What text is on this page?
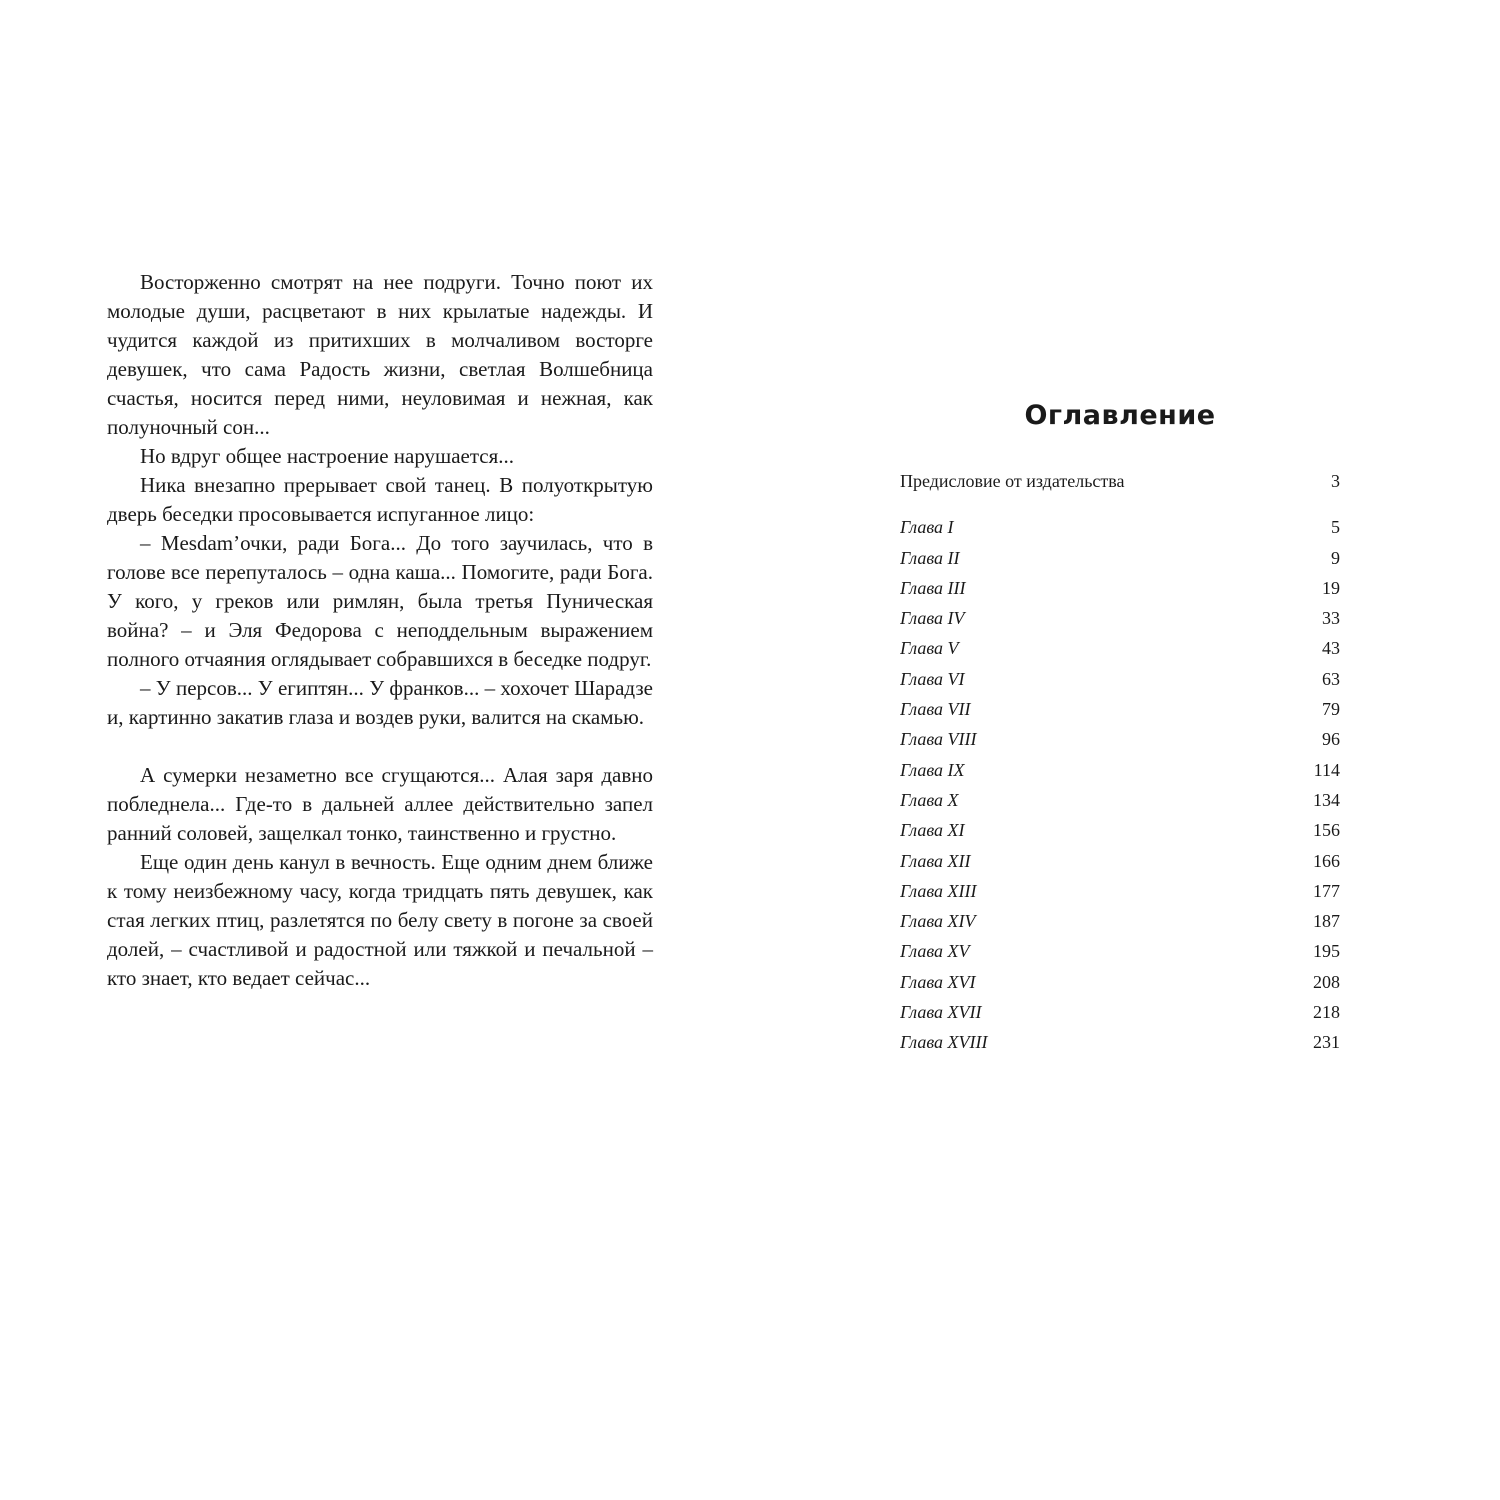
Восторженно смотрят на нее подруги. Точно поют их молодые души, расцветают в них крылатые надежды. И чудится каждой из притихших в молчаливом восторге девушек, что сама Радость жизни, светлая Волшебница счастья, носится перед ними, неуловимая и нежная, как полуночный сон...

Но вдруг общее настроение нарушается...

Ника внезапно прерывает свой танец. В полуоткрытую дверь беседки просовывается испуганное лицо:

– Mesdam’очки, ради Бога... До того заучилась, что в голове все перепуталось – одна каша... Помогите, ради Бога. У кого, у греков или римлян, была третья Пуническая война? – и Эля Федорова с неподдельным выражением полного отчаяния оглядывает собравшихся в беседке подруг.

– У персов... У египтян... У франков... – хохочет Шарадзе и, картинно закатив глаза и воздев руки, валится на скамью.

А сумерки незаметно все сгущаются... Алая заря давно побледнела... Где-то в дальней аллее действительно запел ранний соловей, защелкал тонко, таинственно и грустно.

Еще один день канул в вечность. Еще одним днем ближе к тому неизбежному часу, когда тридцать пять девушек, как стая легких птиц, разлетятся по белу свету в погоне за своей долей, – счастливой и радостной или тяжкой и печальной – кто знает, кто ведает сейчас...

Оглавление
Предисловие от издательства	3
Глава I	5
Глава II	9
Глава III	19
Глава IV	33
Глава V	43
Глава VI	63
Глава VII	79
Глава VIII	96
Глава IX	114
Глава X	134
Глава XI	156
Глава XII	166
Глава XIII	177
Глава XIV	187
Глава XV	195
Глава XVI	208
Глава XVII	218
Глава XVIII	231
